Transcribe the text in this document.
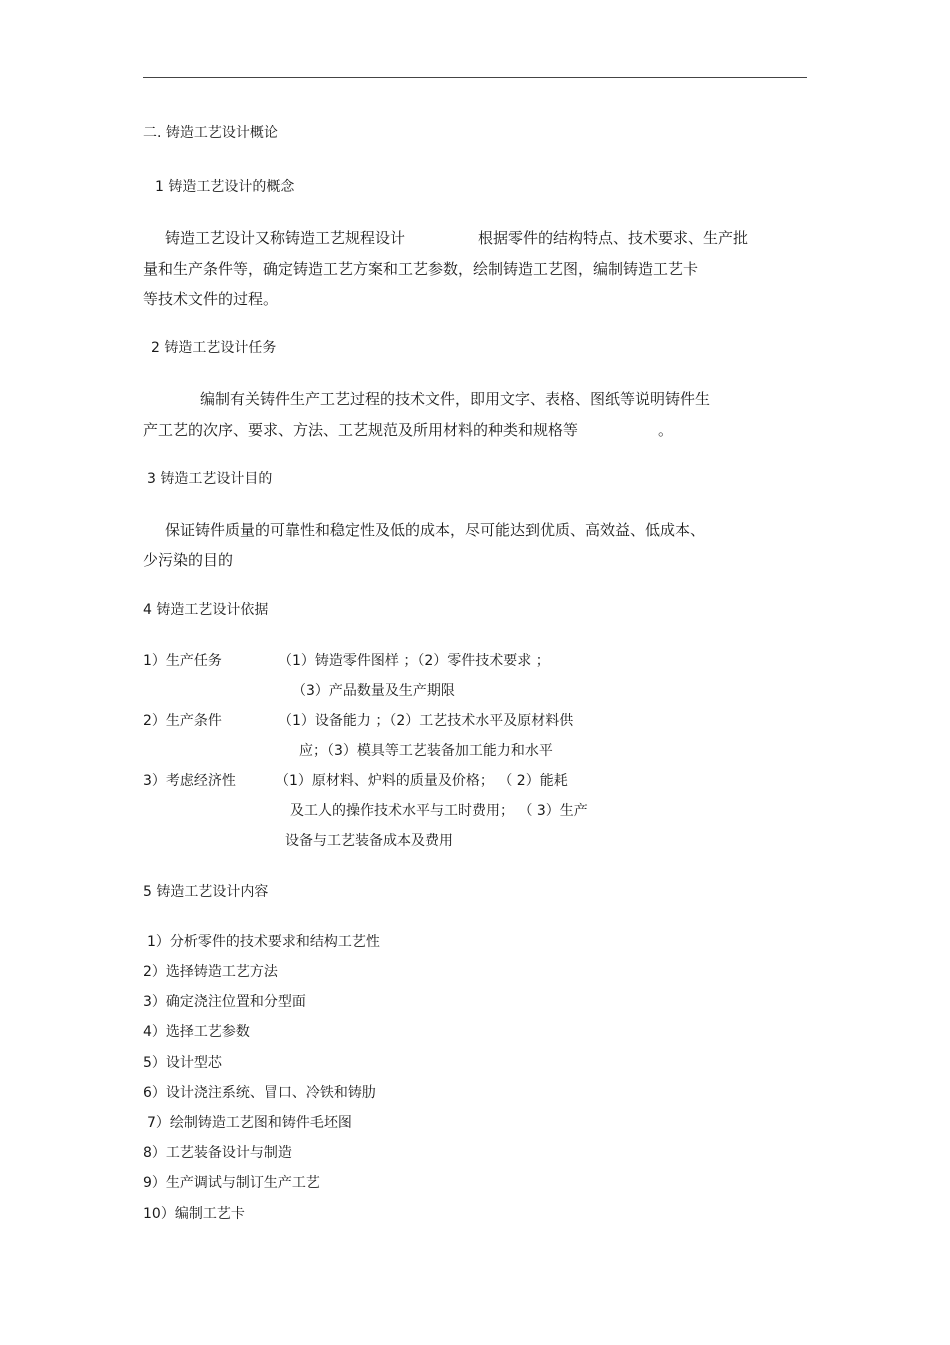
二. 铸造工艺设计概论
1 铸造工艺设计的概念
铸造工艺设计又称铸造工艺规程设计	根据零件的结构特点、技术要求、生产批
量和生产条件等，确定铸造工艺方案和工艺参数，绘制铸造工艺图，编制铸造工艺卡
等技术文件的过程。
2 铸造工艺设计任务
编制有关铸件生产工艺过程的技术文件，即用文字、表格、图纸等说明铸件生
产工艺的次序、要求、方法、工艺规范及所用材料的种类和规格等	。
3 铸造工艺设计目的
保证铸件质量的可靠性和稳定性及低的成本，尽可能达到优质、高效益、低成本、
少污染的目的
4 铸造工艺设计依据
1）生产任务	（1）铸造零件图样 ；（2）零件技术要求 ；
（3）产品数量及生产期限
2）生产条件	（1）设备能力 ；（2）工艺技术水平及原材料供
应；（3）模具等工艺装备加工能力和水平
3）考虑经济性	（1）原材料、炉料的质量及价格； （ 2）能耗
及工人的操作技术水平与工时费用； （ 3）生产
设备与工艺装备成本及费用
5 铸造工艺设计内容
1）分析零件的技术要求和结构工艺性
2）选择铸造工艺方法
3）确定浇注位置和分型面
4）选择工艺参数
5）设计型芯
6）设计浇注系统、冒口、冷铁和铸肋
7）绘制铸造工艺图和铸件毛坯图
8）工艺装备设计与制造
9）生产调试与制订生产工艺
10）编制工艺卡
